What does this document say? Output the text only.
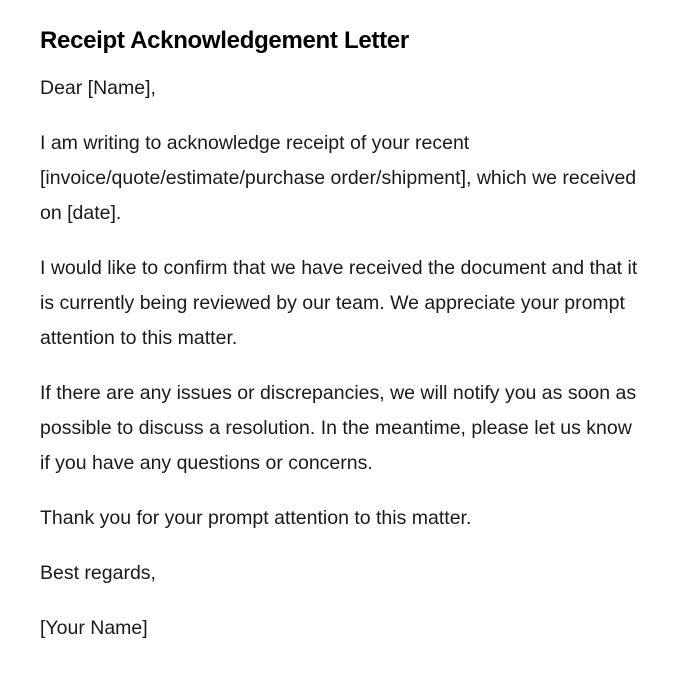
Receipt Acknowledgement Letter

Dear [Name],

I am writing to acknowledge receipt of your recent [invoice/quote/estimate/purchase order/shipment], which we received on [date].

I would like to confirm that we have received the document and that it is currently being reviewed by our team. We appreciate your prompt attention to this matter.

If there are any issues or discrepancies, we will notify you as soon as possible to discuss a resolution. In the meantime, please let us know if you have any questions or concerns.

Thank you for your prompt attention to this matter.

Best regards,

[Your Name]
